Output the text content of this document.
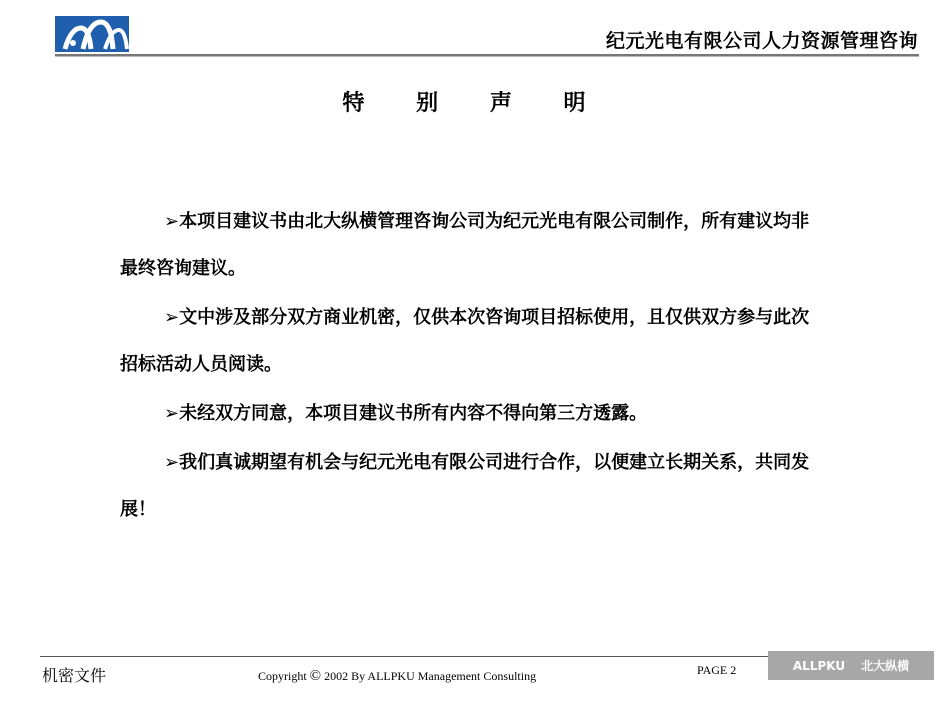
纪元光电有限公司人力资源管理咨询
特 别 声 明

➢本项目建议书由北大纵横管理咨询公司为纪元光电有限公司制作，所有建议均非最终咨询建议。

➢文中涉及部分双方商业机密，仅供本次咨询项目招标使用，且仅供双方参与此次招标活动人员阅读。

➢未经双方同意，本项目建议书所有内容不得向第三方透露。

➢我们真诚期望有机会与纪元光电有限公司进行合作，以便建立长期关系，共同发展！

机密文件	Copyright © 2002 By ALLPKU Management Consulting	PAGE 2	ALLPKU 北大纵横
